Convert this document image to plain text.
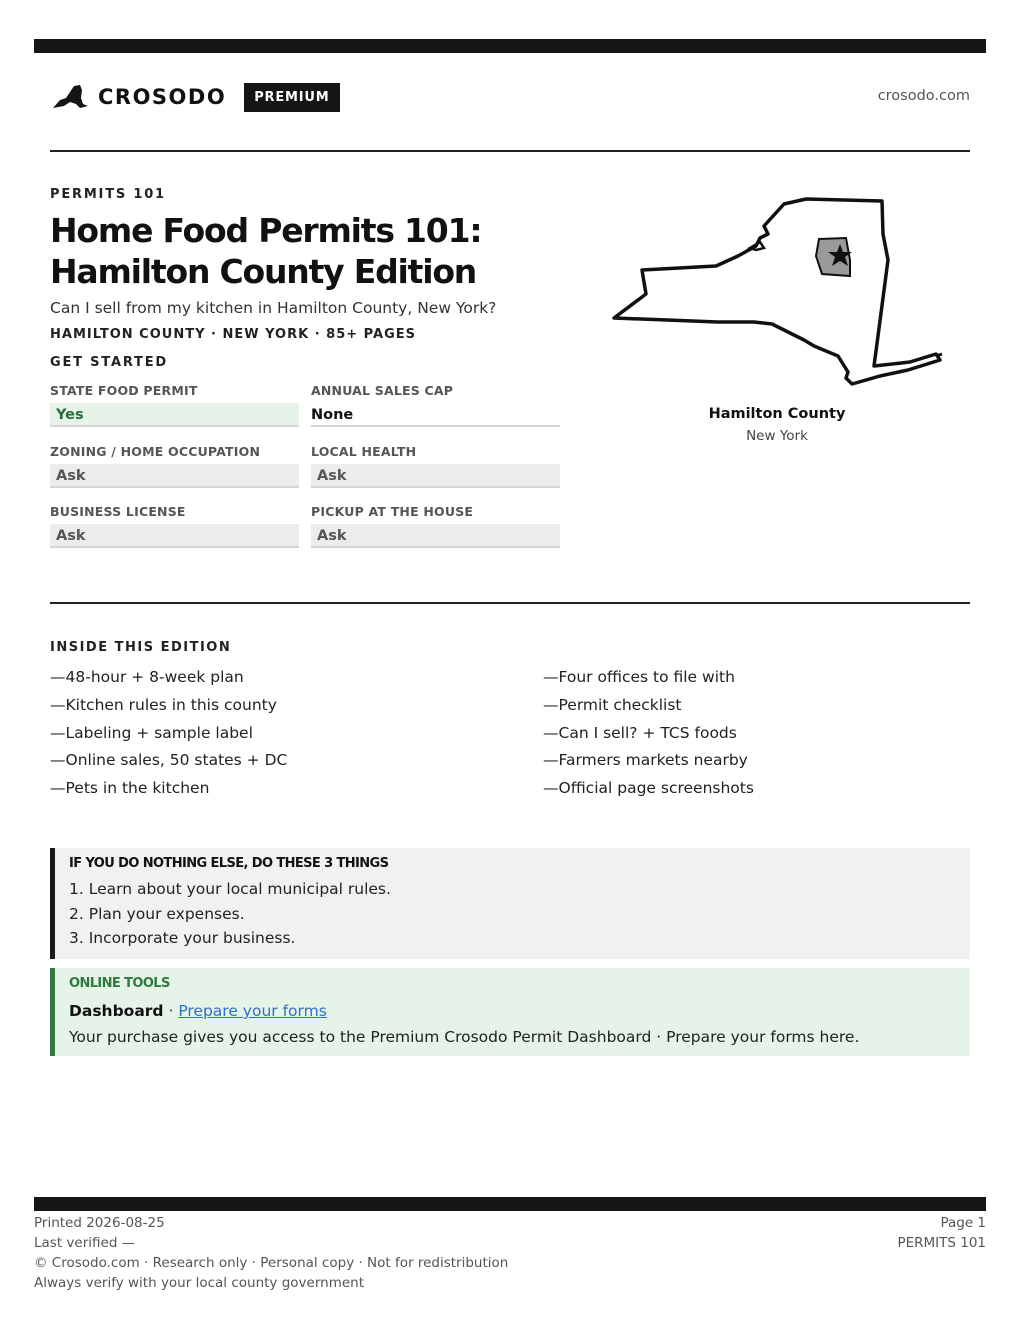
CROSODO	PREMIUM	crosodo.com
PERMITS 101
Home Food Permits 101:
Hamilton County Edition
Can I sell from my kitchen in Hamilton County, New York?
HAMILTON COUNTY · NEW YORK · 85+ PAGES
GET STARTED
STATE FOOD PERMIT
Yes
ANNUAL SALES CAP
None
ZONING / HOME OCCUPATION
Ask
LOCAL HEALTH
Ask
BUSINESS LICENSE
Ask
PICKUP AT THE HOUSE
Ask
Hamilton County
New York
INSIDE THIS EDITION
—48-hour + 8-week plan
—Kitchen rules in this county
—Labeling + sample label
—Online sales, 50 states + DC
—Pets in the kitchen
—Four offices to file with
—Permit checklist
—Can I sell? + TCS foods
—Farmers markets nearby
—Official page screenshots
IF YOU DO NOTHING ELSE, DO THESE 3 THINGS
1. Learn about your local municipal rules.
2. Plan your expenses.
3. Incorporate your business.
ONLINE TOOLS
Dashboard · Prepare your forms
Your purchase gives you access to the Premium Crosodo Permit Dashboard · Prepare your forms here.
Printed 2026-08-25
Last verified —
© Crosodo.com · Research only · Personal copy · Not for redistribution
Always verify with your local county government
Page 1
PERMITS 101
